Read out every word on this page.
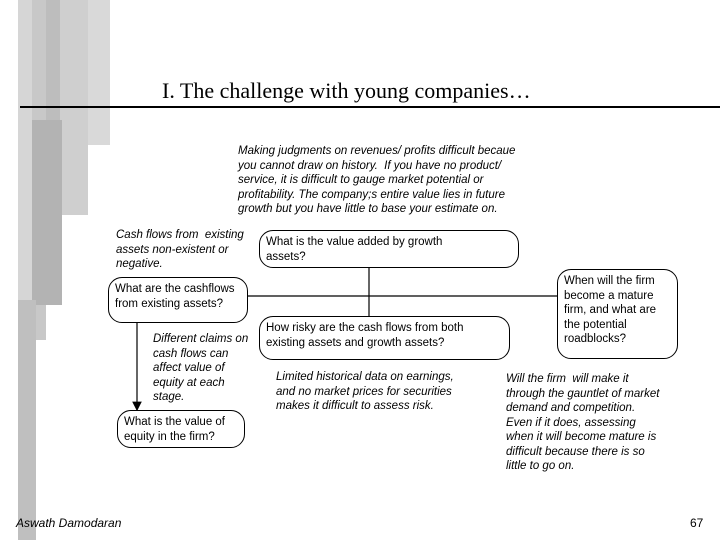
I. The challenge with young companies…
Making judgments on revenues/ profits difficult becaue
you cannot draw on history.  If you have no product/
service, it is difficult to gauge market potential or
profitability. The company;s entire value lies in future
growth but you have little to base your estimate on.
Cash flows from  existing
assets non-existent or
negative.
What is the value added by growth
assets?
What are the cashflows
from existing assets?
When will the firm
become a mature
firm, and what are
the potential
roadblocks?
How risky are the cash flows from both
existing assets and growth assets?
Different claims on
cash flows can
affect value of
equity at each
stage.
Limited historical data on earnings,
and no market prices for securities
makes it difficult to assess risk.
Will the firm  will make it
through the gauntlet of market
demand and competition.
Even if it does, assessing
when it will become mature is
difficult because there is so
little to go on.
What is the value of
equity in the firm?
Aswath Damodaran	67
